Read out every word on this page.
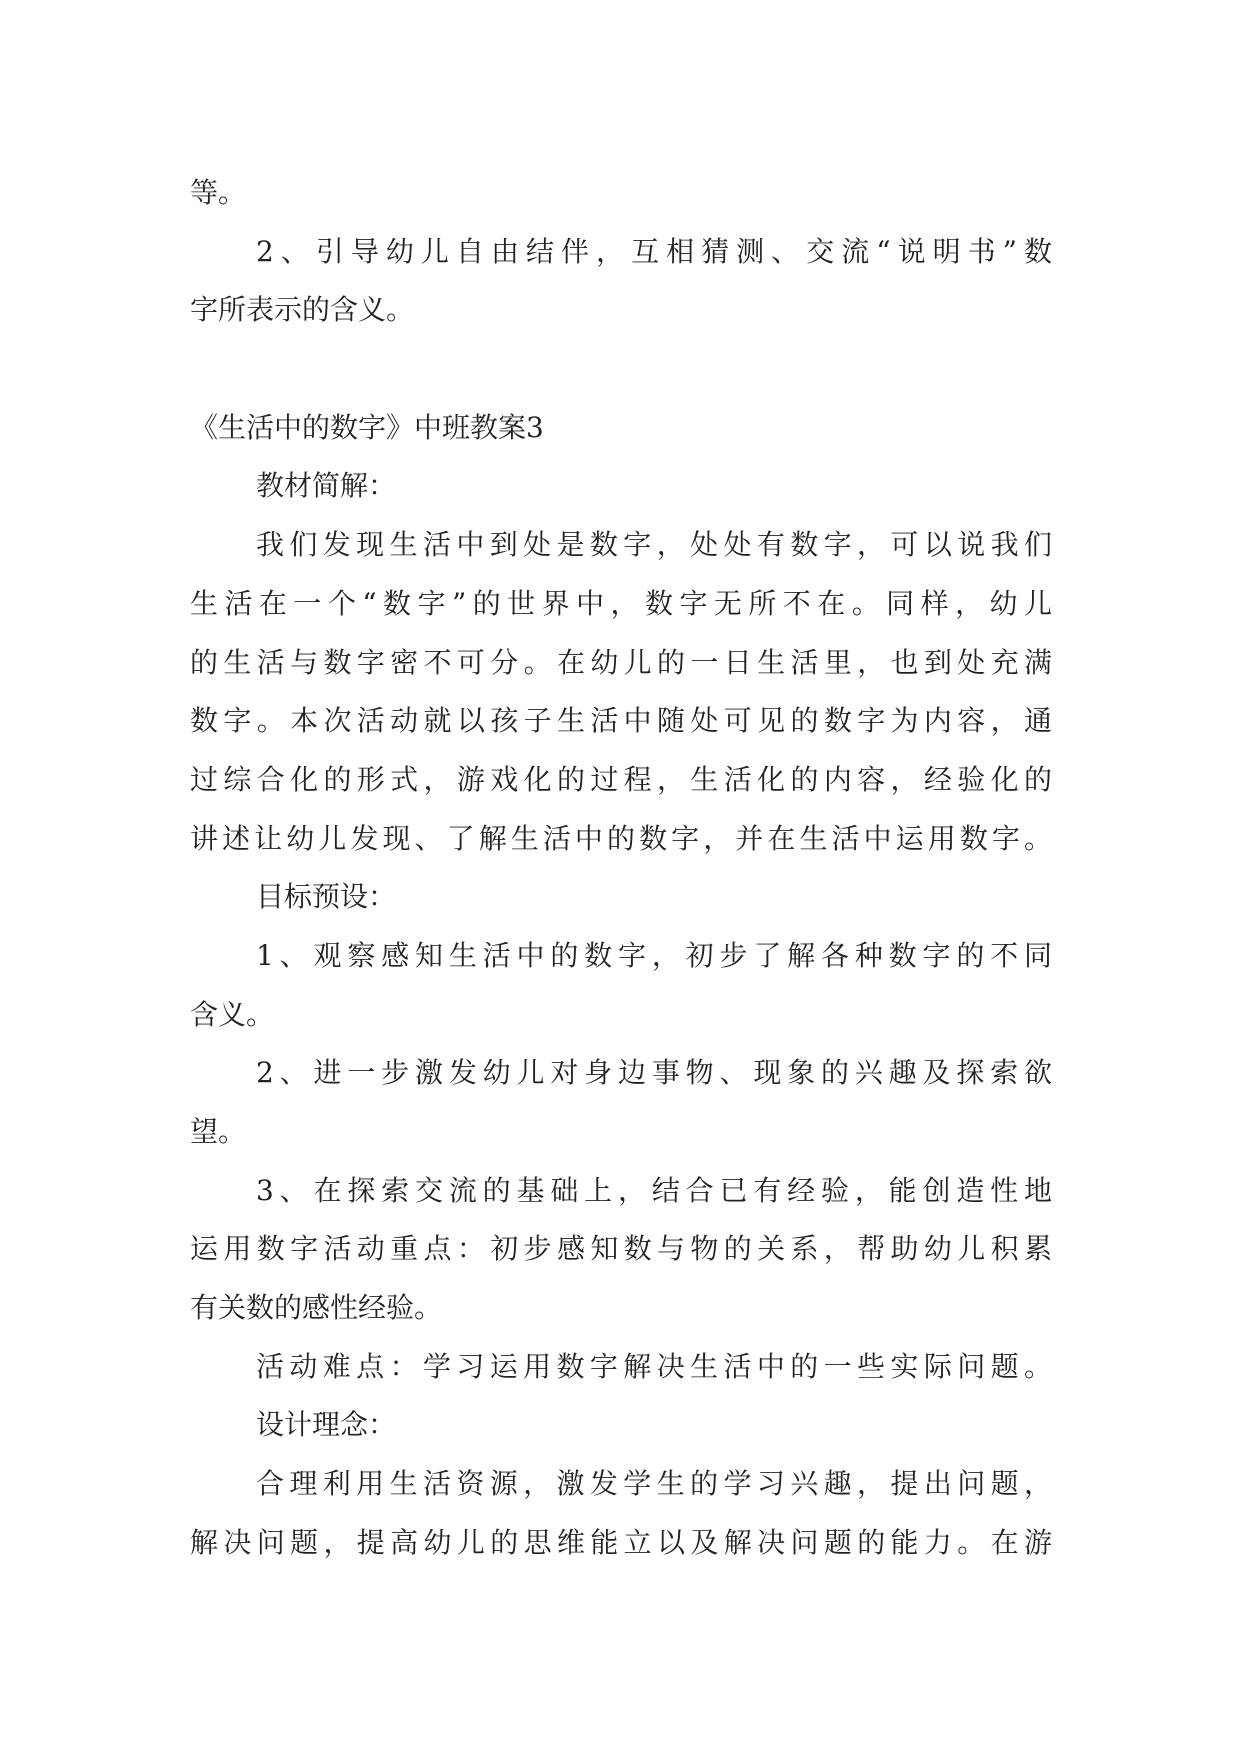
等。
2、引导幼儿自由结伴，互相猜测、交流“说明书”数
字所表示的含义。
《生活中的数字》中班教案3
教材简解：
我们发现生活中到处是数字，处处有数字，可以说我们
生活在一个“数字”的世界中，数字无所不在。同样，幼儿
的生活与数字密不可分。在幼儿的一日生活里，也到处充满
数字。本次活动就以孩子生活中随处可见的数字为内容，通
过综合化的形式，游戏化的过程，生活化的内容，经验化的
讲述让幼儿发现、了解生活中的数字，并在生活中运用数字。
目标预设：
1、观察感知生活中的数字，初步了解各种数字的不同
含义。
2、进一步激发幼儿对身边事物、现象的兴趣及探索欲
望。
3、在探索交流的基础上，结合已有经验，能创造性地
运用数字活动重点：初步感知数与物的关系，帮助幼儿积累
有关数的感性经验。
活动难点：学习运用数字解决生活中的一些实际问题。
设计理念：
合理利用生活资源，激发学生的学习兴趣，提出问题，
解决问题，提高幼儿的思维能立以及解决问题的能力。在游
